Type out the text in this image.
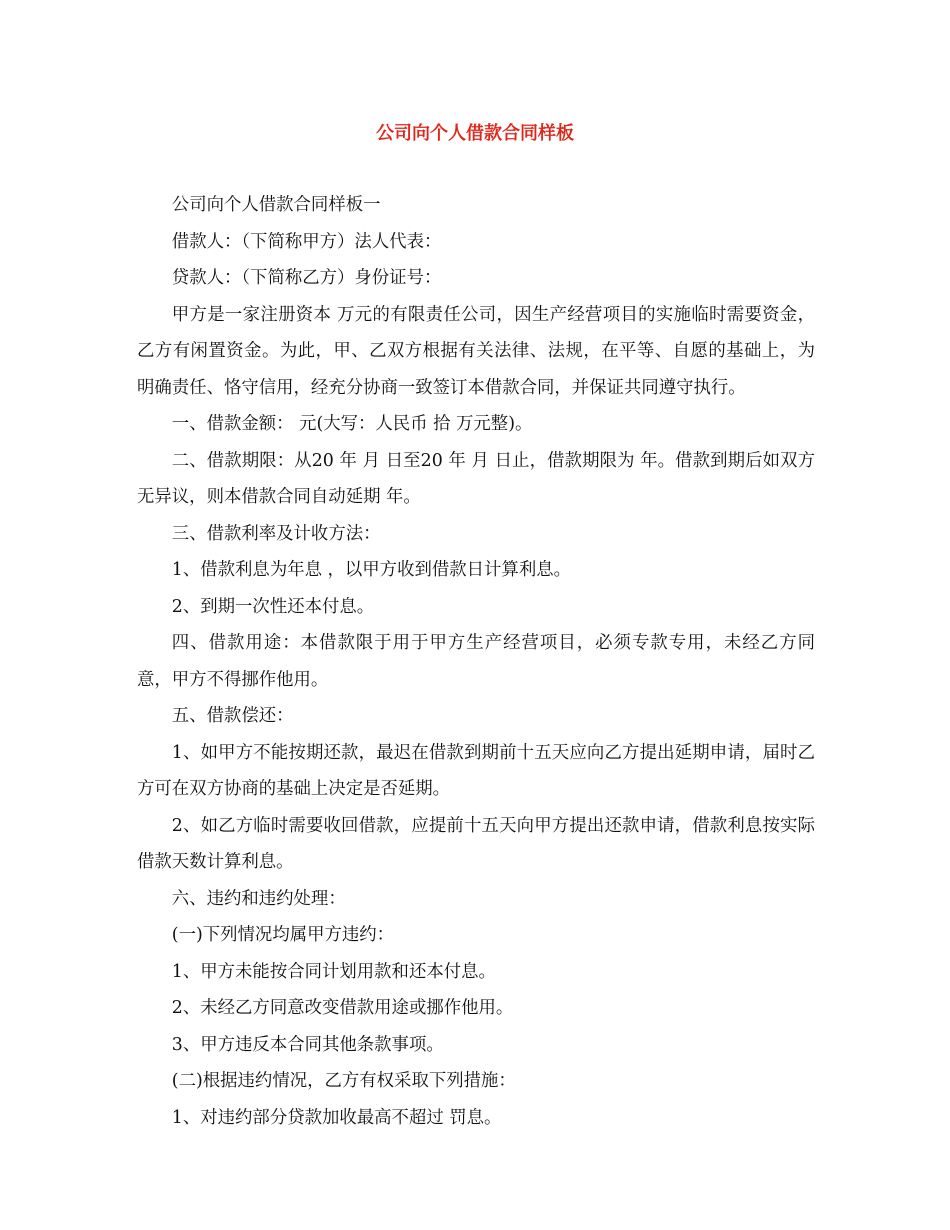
公司向个人借款合同样板

公司向个人借款合同样板一

借款人：（下简称甲方）法人代表：

贷款人：（下简称乙方）身份证号：

甲方是一家注册资本 万元的有限责任公司，因生产经营项目的实施临时需要资金，乙方有闲置资金。为此，甲、乙双方根据有关法律、法规，在平等、自愿的基础上，为明确责任、恪守信用，经充分协商一致签订本借款合同，并保证共同遵守执行。

一、借款金额： 元(大写：人民币 拾 万元整)。

二、借款期限：从20 年 月 日至20 年 月 日止，借款期限为 年。借款到期后如双方无异议，则本借款合同自动延期 年。

三、借款利率及计收方法：

1、借款利息为年息 ，以甲方收到借款日计算利息。

2、到期一次性还本付息。

四、借款用途：本借款限于用于甲方生产经营项目，必须专款专用，未经乙方同意，甲方不得挪作他用。

五、借款偿还：

1、如甲方不能按期还款，最迟在借款到期前十五天应向乙方提出延期申请，届时乙方可在双方协商的基础上决定是否延期。

2、如乙方临时需要收回借款，应提前十五天向甲方提出还款申请，借款利息按实际借款天数计算利息。

六、违约和违约处理：

(一)下列情况均属甲方违约：

1、甲方未能按合同计划用款和还本付息。

2、未经乙方同意改变借款用途或挪作他用。

3、甲方违反本合同其他条款事项。

(二)根据违约情况，乙方有权采取下列措施：

1、对违约部分贷款加收最高不超过 罚息。
